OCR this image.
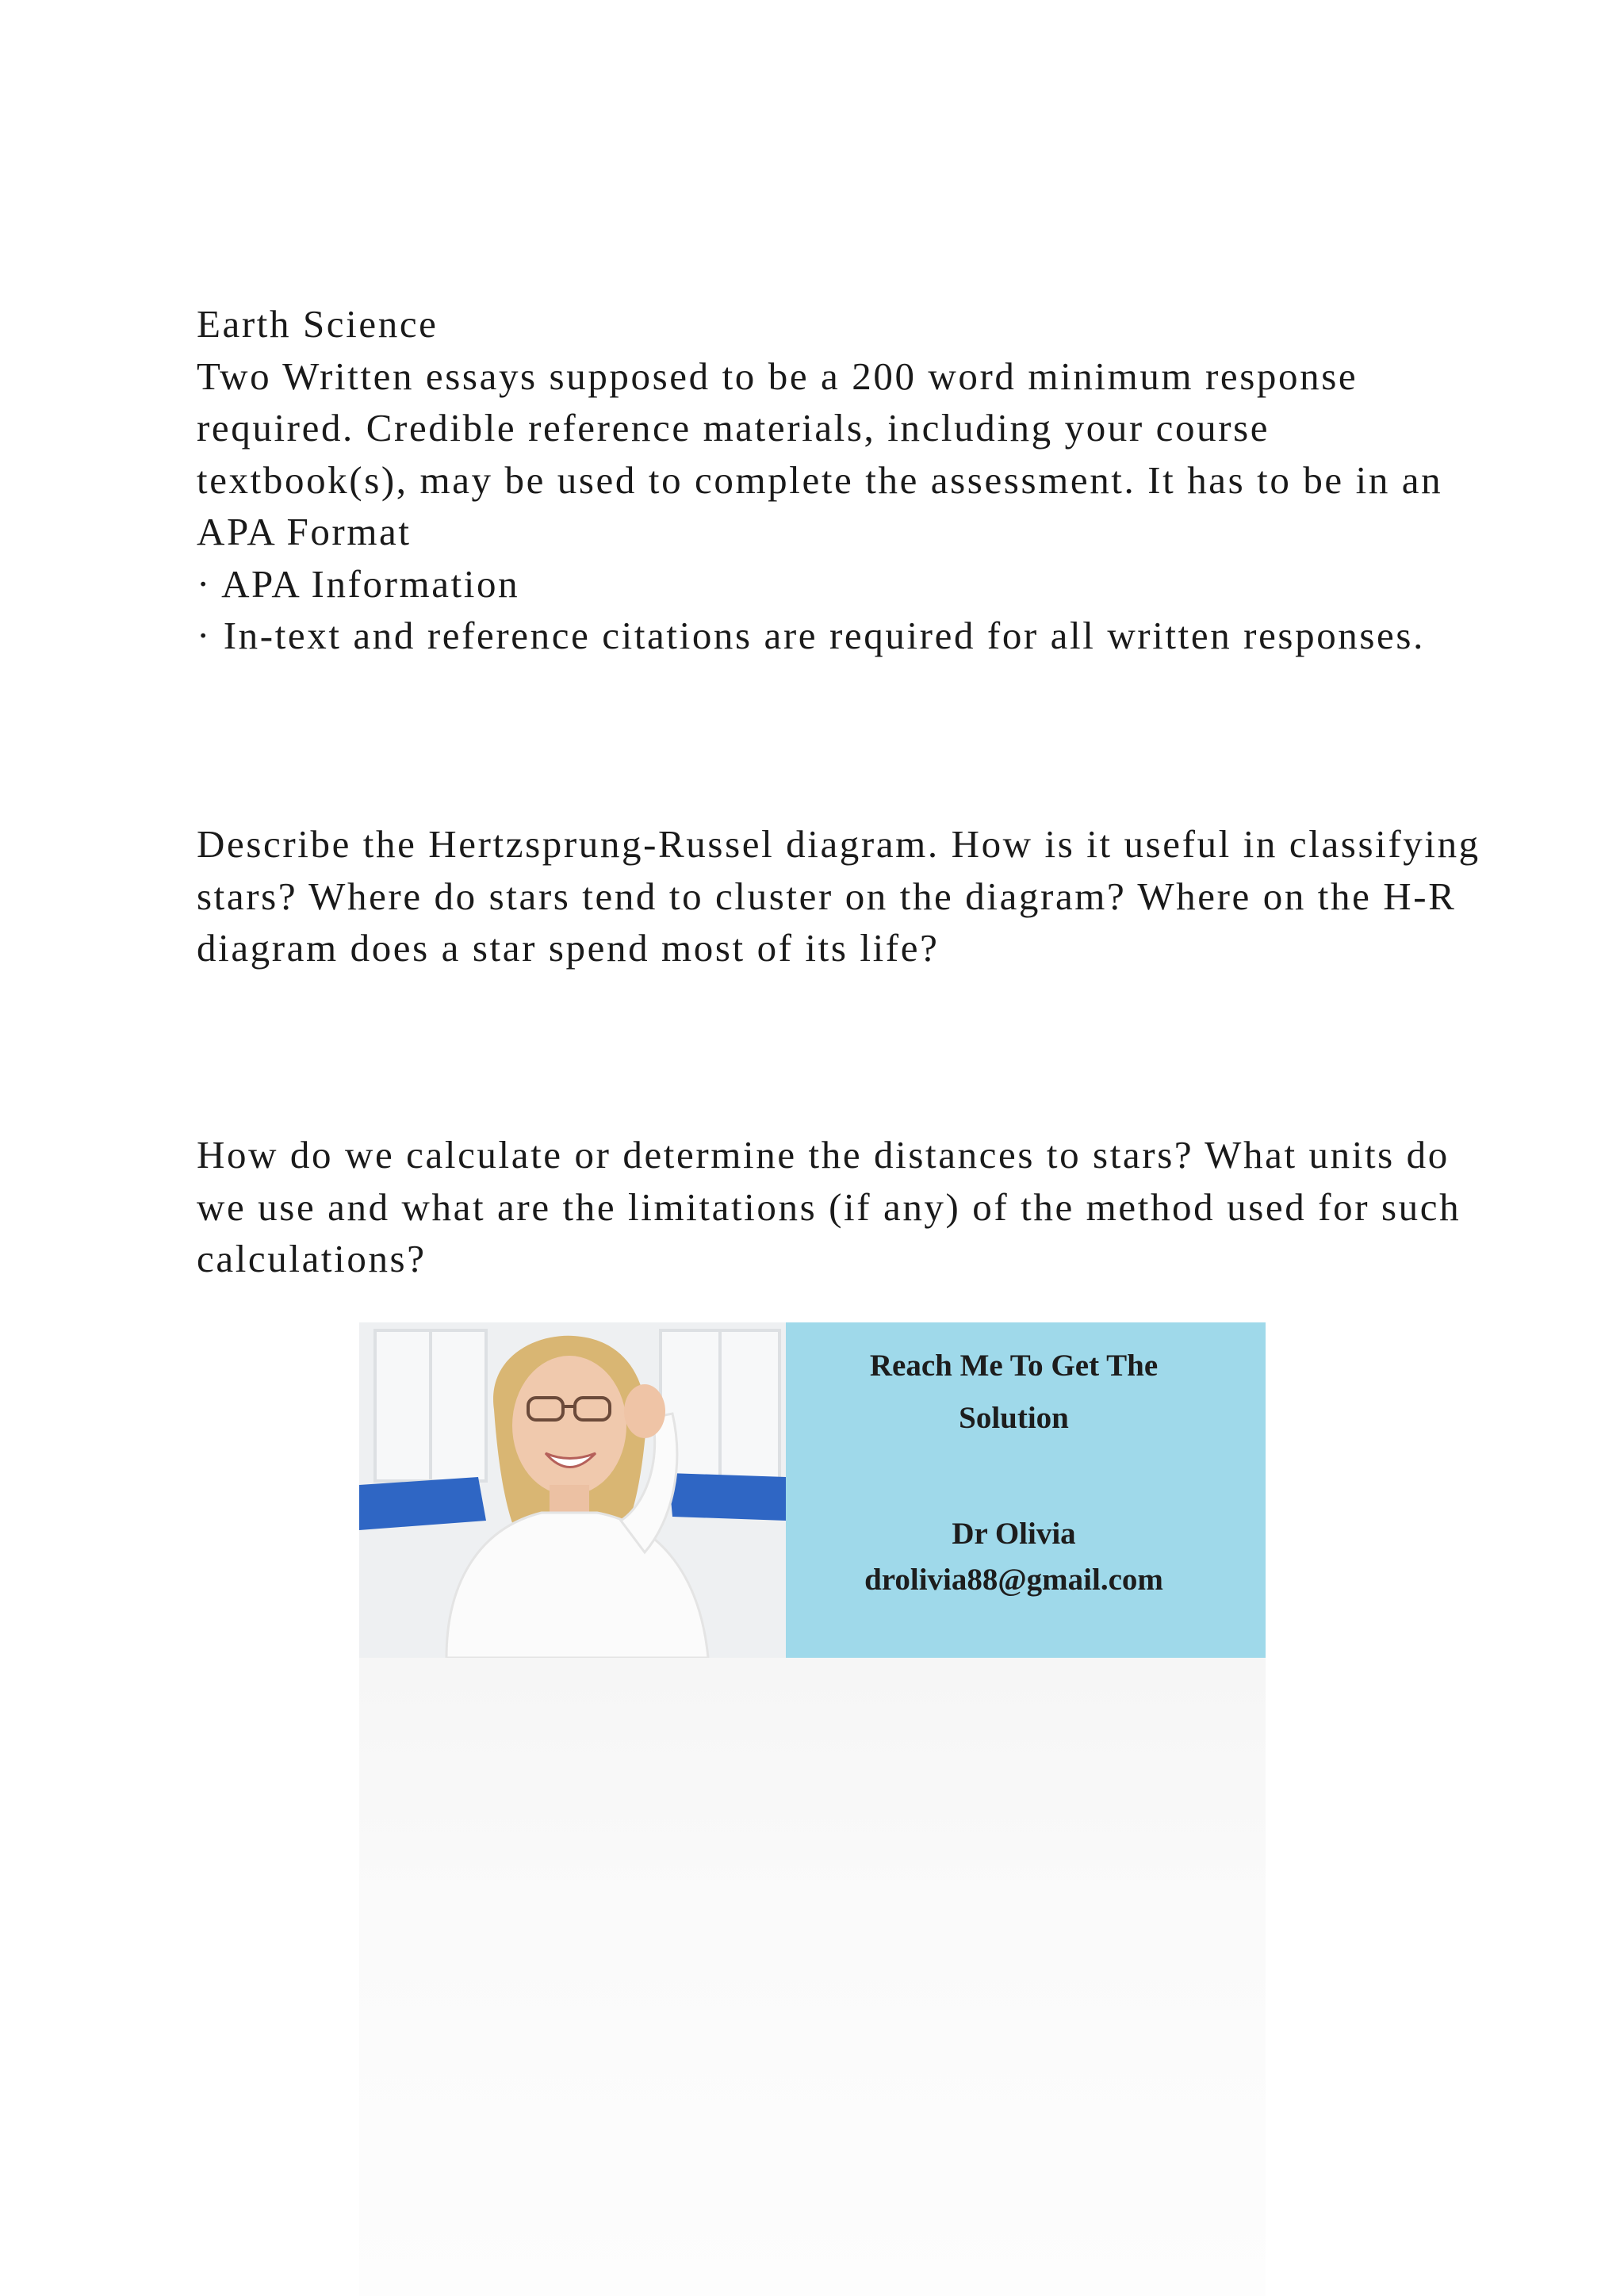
Earth Science

Two Written essays supposed to be a 200 word minimum response required. Credible reference materials, including your course textbook(s), may be used to complete the assessment. It has to be in an APA Format

· APA Information

· In-text and reference citations are required for all written responses.

Describe the Hertzsprung-Russel diagram. How is it useful in classifying stars? Where do stars tend to cluster on the diagram? Where on the H-R diagram does a star spend most of its life?

How do we calculate or determine the distances to stars? What units do we use and what are the limitations (if any) of the method used for such calculations?

Reach Me To Get The

Solution

Dr Olivia

drolivia88@gmail.com
